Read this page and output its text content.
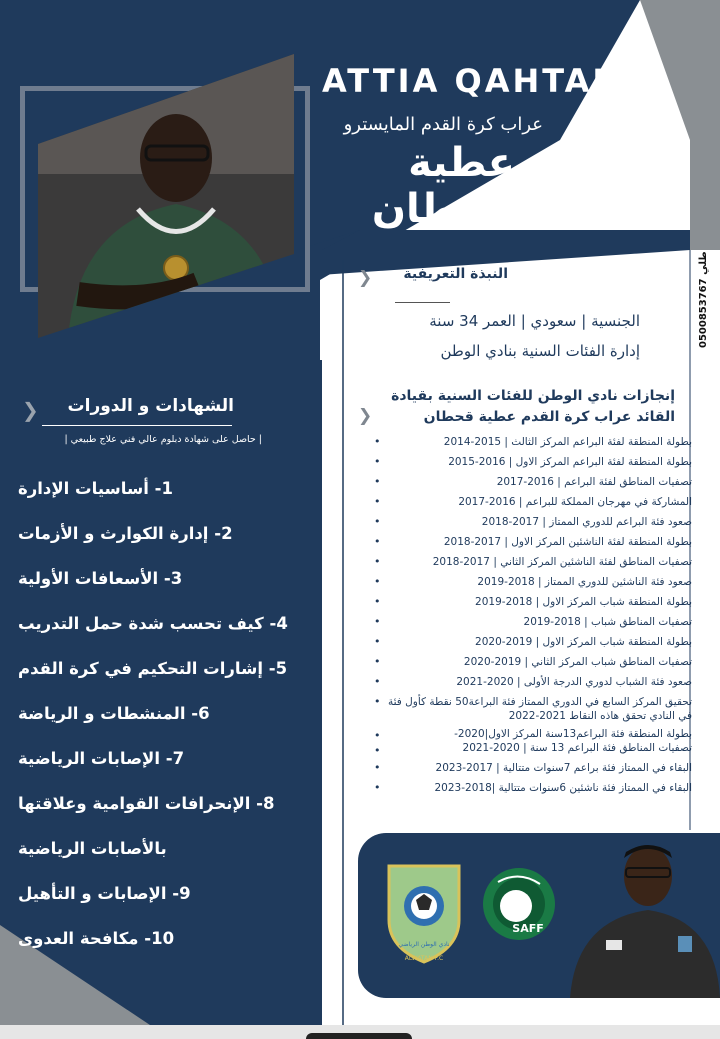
ATTIA QAHTAN
عراب كرة القدم المايسترو
عطية قحطان
طلي 0500853767
❯	النبذة التعريفية
الجنسية | سعودي | العمر 34 سنة
إدارة الفئات السنية بنادي الوطن
❯
إنجازات نادي الوطن للفئات السنية بقيادة
القائد عراب كرة القدم عطية قحطان
• بطولة المنطقة لفئة البراعم المركز الثالث | 2015-2014
• بطولة المنطقة لفئة البراعم المركز الاول | 2016-2015
• تصفيات المناطق لفئة البراعم | 2016-2017
• المشاركة في مهرجان المملكة للبراعم | 2016-2017
• صعود فئة البراعم للدوري الممتاز | 2017-2018
• بطولة المنطقة لفئة الناشئين المركز الاول | 2017-2018
• تصفيات المناطق لفئة الناشئين المركز الثاني | 2017-2018
• صعود فئة الناشئين للدوري الممتاز | 2018-2019
• بطولة المنطقة شباب المركز الاول | 2018-2019
• تصفيات المناطق شباب | 2018-2019
• بطولة المنطقة شباب المركز الاول | 2019-2020
• تصفيات المناطق شباب المركز الثاني | 2019-2020
• صعود فئة الشباب لدوري الدرجة الأولى | 2020-2021
• تحقيق المركز السابع في الدوري الممتاز فئة البراعة50 نقطة كأول فئة في النادي تحقق هاذه النقاط 2021-2022
• بطولة المنطقة فئة البراعم13سنة المركز الاول|2020-
• تصفيات المناطق فئة البراعم 13 سنة | 2020-2021
• البقاء في الممتاز فئة براعم 7سنوات متتالية | 2017-2023
• البقاء في الممتاز فئة ناشئين 6سنوات متتالية |2018-2023
نادي الوطن الرياضي
ALWATAN F.C
SAFF
❯	الشهادات و الدورات
| حاصل على شهادة دبلوم عالي فني علاج طبيعي |
1- أساسيات الإدارة
2- إدارة الكوارث و الأزمات
3- الأسعافات الأولية
4- كيف تحسب شدة حمل التدريب
5- إشارات التحكيم في كرة القدم
6- المنشطات و الرياضة
7- الإصابات الرياضية
8- الإنحرافات القوامية وعلاقتها
بالأصابات الرياضية
9- الإصابات و التأهيل
10- مكافحة العدوى
